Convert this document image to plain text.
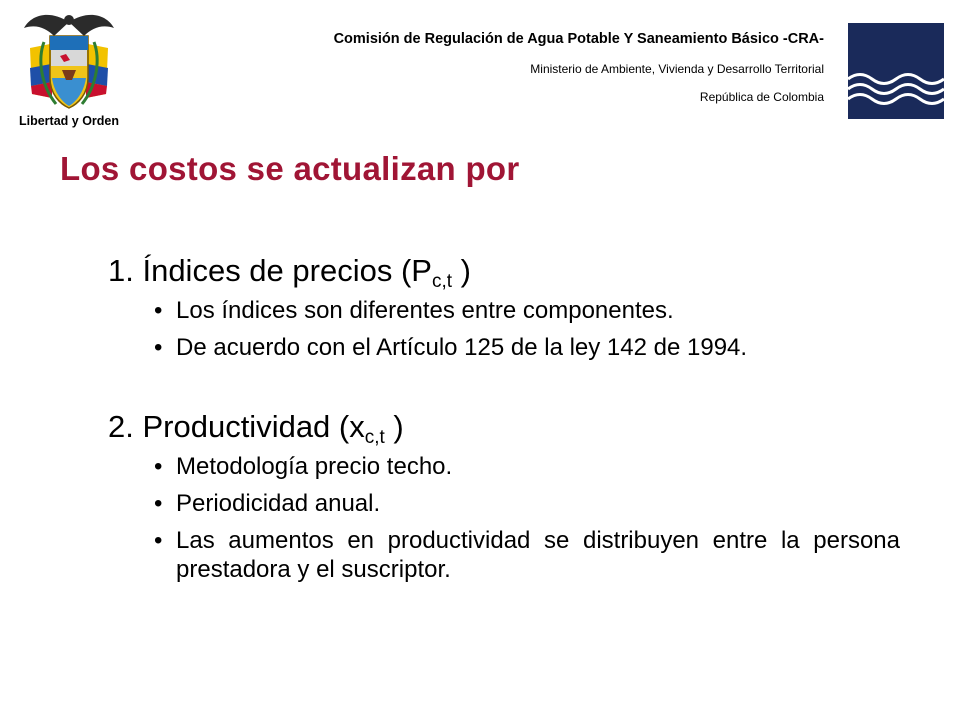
Libertad y Orden
Comisión de Regulación de Agua Potable Y Saneamiento Básico -CRA-
Ministerio de Ambiente, Vivienda y Desarrollo Territorial
República de Colombia
Los costos se actualizan por
1. Índices de precios ($P_{c,t}$ )
• Los índices son diferentes entre componentes.
• De acuerdo con el Artículo 125 de la ley 142 de 1994.
2. Productividad ($x_{c,t}$ )
• Metodología precio techo.
• Periodicidad anual.
• Las aumentos en productividad se distribuyen entre la persona prestadora y el suscriptor.
